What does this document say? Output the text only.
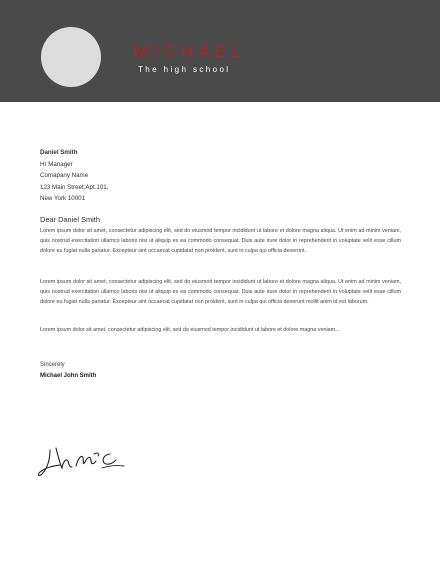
MICHAEL
The high school
Daniel Smith
Hr Manager
Comapany Name
123 Main Street,Apt.101,
New York 10001
Dear Daniel Smith

Lorem ipsum dolor sit amet, consectetur adipiscing elit, sed do eiusmod tempor incididunt ut labore et dolore magna aliqua. Ut enim ad minim veniam, quis nostrud exercitation ullamco laboris nisi ut aliquip ex ea commodo consequat. Duis aute irure dolor in reprehenderit in voluptate velit esse cillum dolore eu fugiat nulla pariatur. Excepteur sint occaecat cupidatat non proident, sunt in culpa qui officia deserunt.

Lorem ipsum dolor sit amet, consectetur adipiscing elit, sed do eiusmod tempor incididunt ut labore et dolore magna aliqua. Ut enim ad minim veniam, quis nostrud exercitation ullamco laboris nisi ut aliquip ex ea commodo consequat. Duis aute irure dolor in reprehenderit in voluptate velit esse cillum dolore eu fugiat nulla pariatur. Excepteur sint occaecat cupidatat non proident, sunt in culpa qui officia deserunt mollit anim id est laborum.

Lorem ipsum dolor sit amet, consectetur adipiscing elit, sed do eiusmod tempor incididunt ut labore et dolore magna veniam...

Sincerely
Michael John Smith
